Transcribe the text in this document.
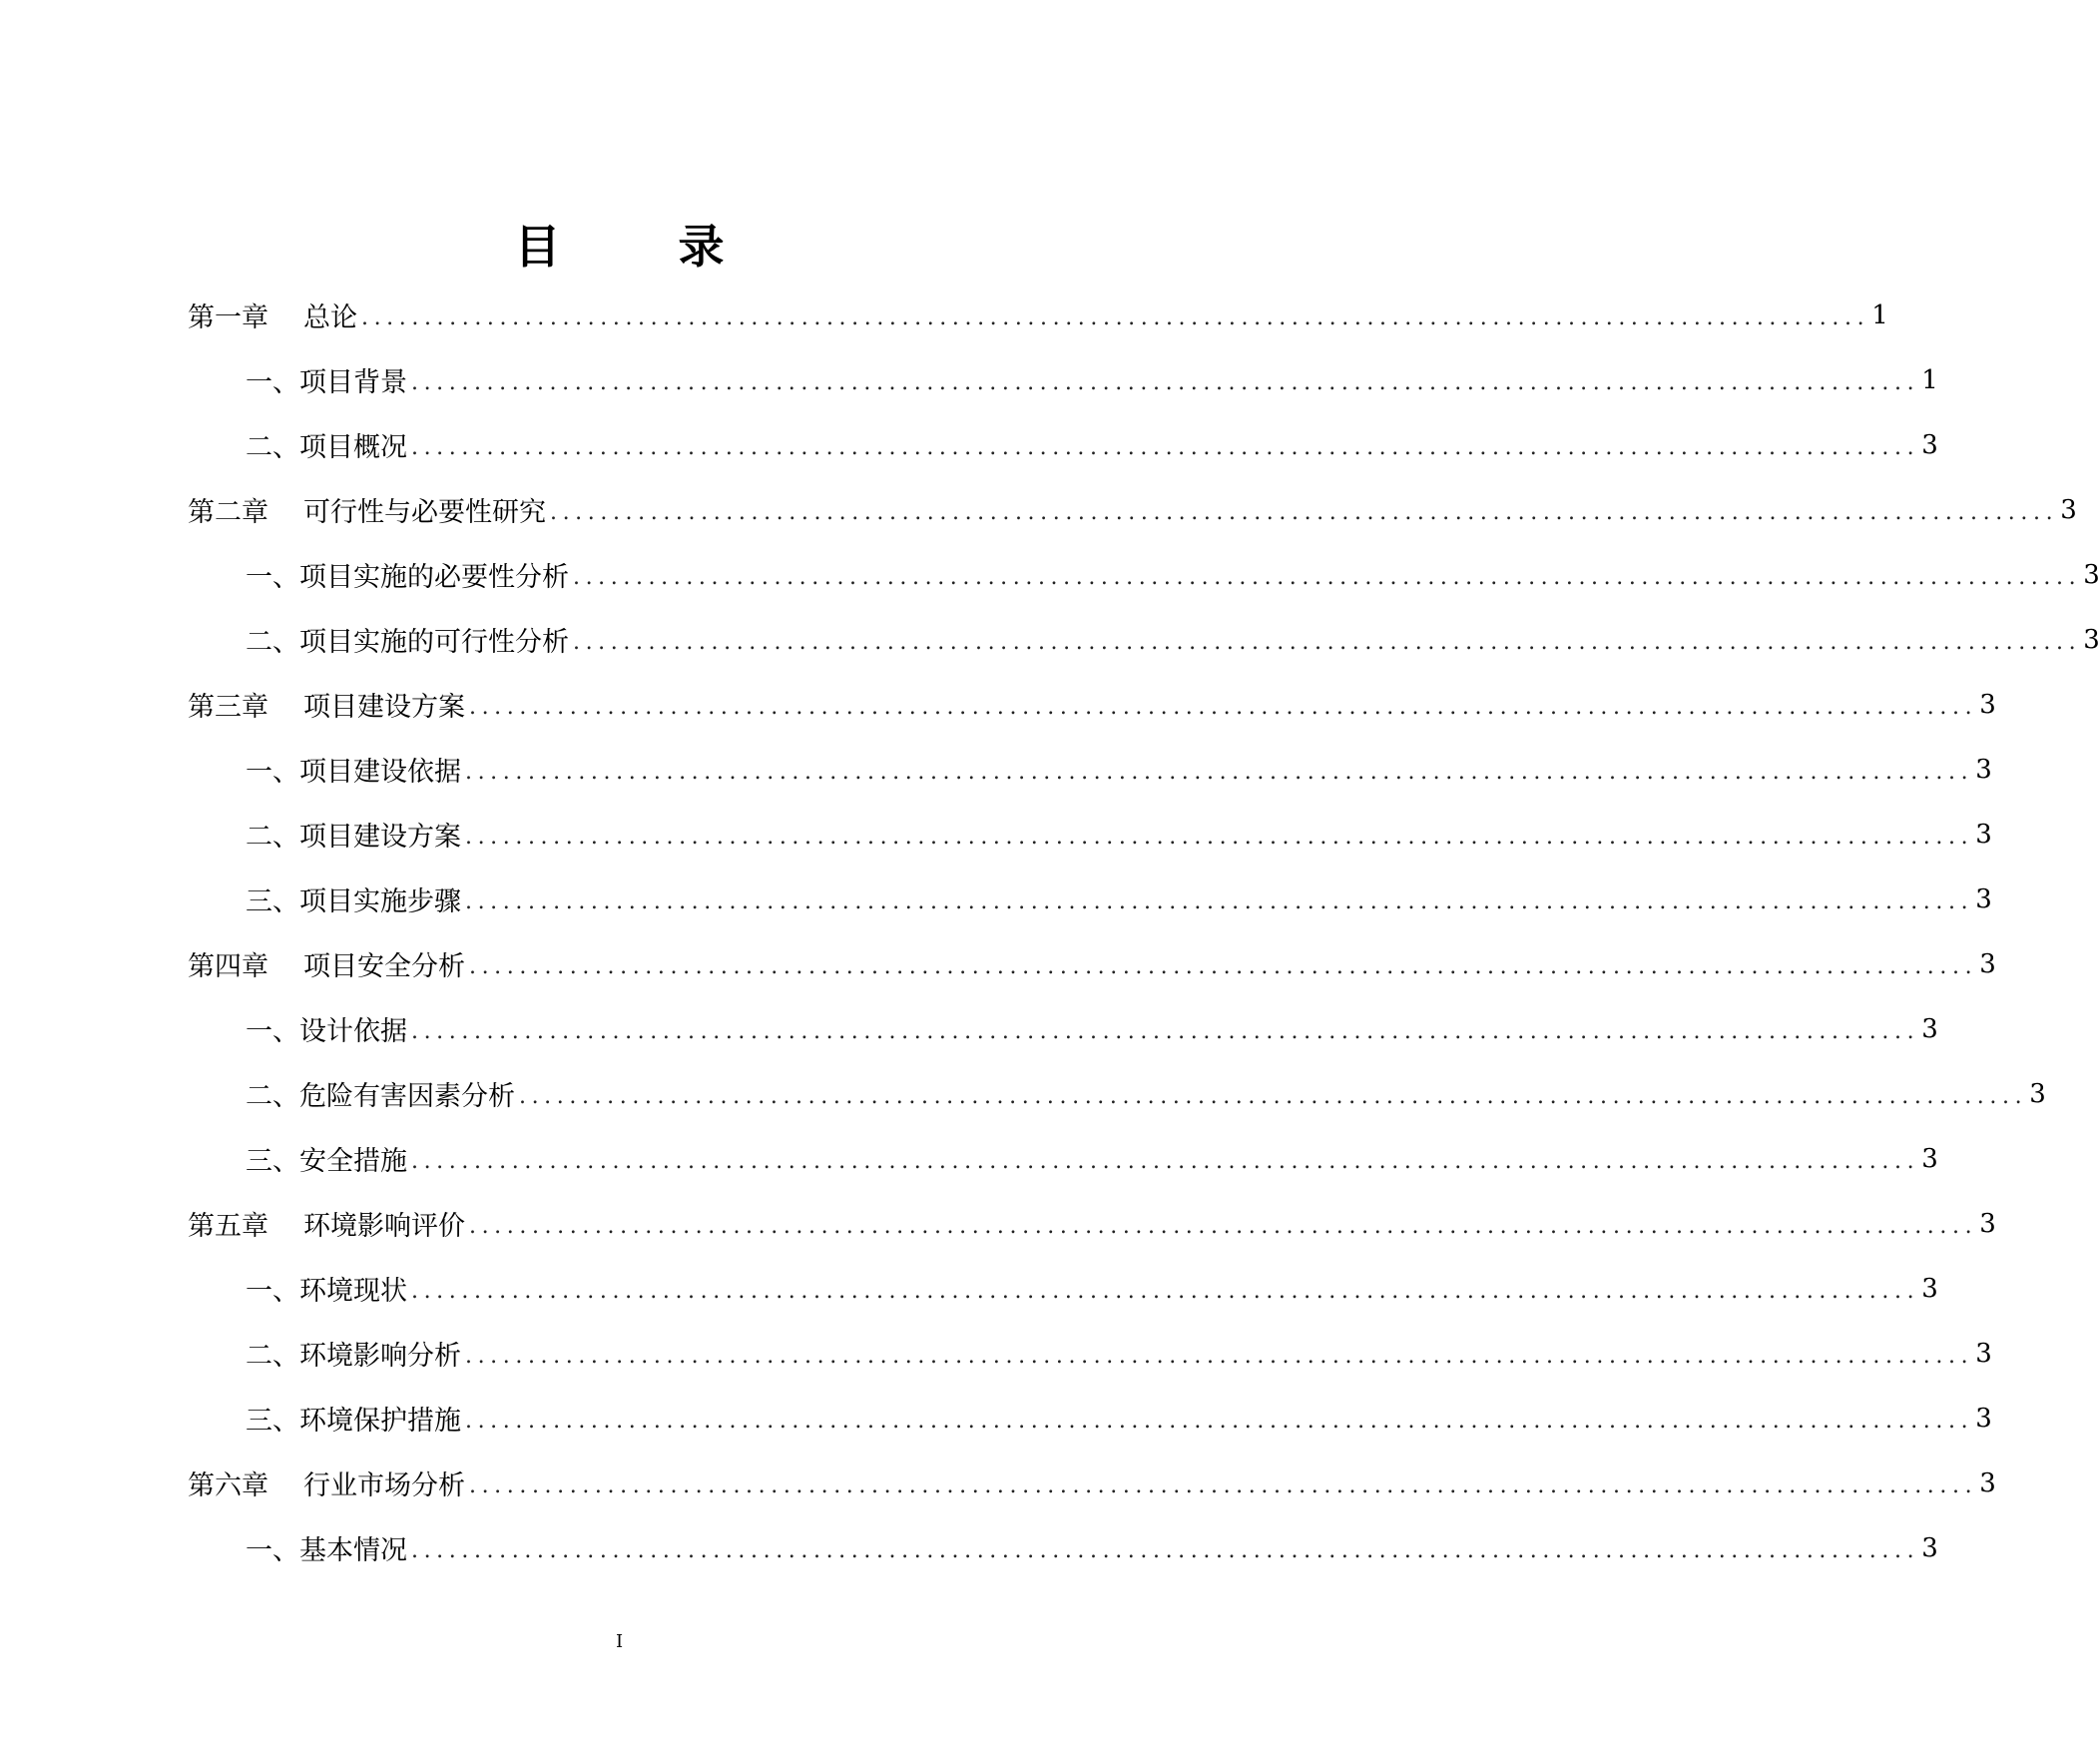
目　录
第一章	总论 ........................................................................................................................ 1
一、项目背景 ........................................................................................................................ 1
二、项目概况 ........................................................................................................................ 3
第二章	可行性与必要性研究 ........................................................................................................................ 3
一、项目实施的必要性分析 ........................................................................................................................ 3
二、项目实施的可行性分析 ........................................................................................................................ 3
第三章	项目建设方案 ........................................................................................................................ 3
一、项目建设依据 ........................................................................................................................ 3
二、项目建设方案 ........................................................................................................................ 3
三、项目实施步骤 ........................................................................................................................ 3
第四章	项目安全分析 ........................................................................................................................ 3
一、设计依据 ........................................................................................................................ 3
二、危险有害因素分析 ........................................................................................................................ 3
三、安全措施 ........................................................................................................................ 3
第五章	环境影响评价 ........................................................................................................................ 3
一、环境现状 ........................................................................................................................ 3
二、环境影响分析 ........................................................................................................................ 3
三、环境保护措施 ........................................................................................................................ 3
第六章	行业市场分析 ........................................................................................................................ 3
一、基本情况 ........................................................................................................................ 3
I
